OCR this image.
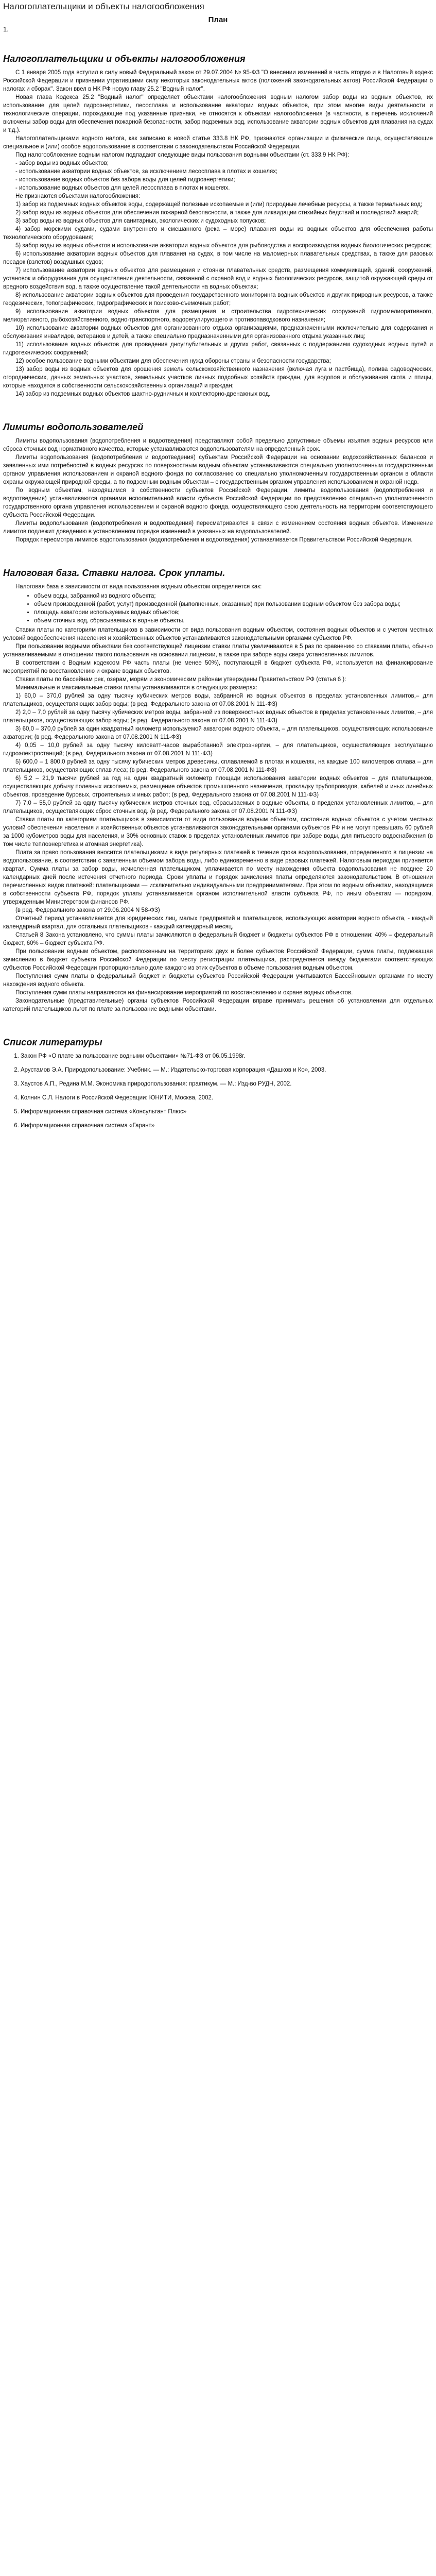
Налогоплательщики и объекты налогообложения
План
1.
Налогоплательщики и объекты налогообложения

С 1 января 2005 года вступил в силу новый Федеральный закон от 29.07.2004 № 95-ФЗ "О внесении изменений в часть вторую и в Налоговый кодекс Российской Федерации и признании утратившими силу некоторых законодательных актов (положений законодательных актов) Российской Федерации о налогах и сборах". Закон ввел в НК РФ новую главу 25.2 "Водный налог".

Новая глава Кодекса 25.2 "Водный налог" определяет объектами налогообложения водным налогом забор воды из водных объектов, их использование для целей гидроэнергетики, лесосплава и использование акватории водных объектов, при этом многие виды деятельности и технологические операции, порождающие под указанные признаки, не относятся к объектам налогообложения (в частности, в перечень исключений включены забор воды для обеспечения пожарной безопасности, забор подземных вод, использование акватории водных объектов для плавания на судах и т.д.).

Налогоплательщиками водного налога, как записано в новой статье 333.8 НК РФ, признаются организации и физические лица, осуществляющие специальное и (или) особое водопользование в соответствии с законодательством Российской Федерации.

Под налогообложение водным налогом подпадают следующие виды пользования водными объектами (ст. 333.9 НК РФ):

- забор воды из водных объектов;

- использование акватории водных объектов, за исключением лесосплава в плотах и кошелях;

- использование водных объектов без забора воды для целей гидроэнергетики;

- использование водных объектов для целей лесосплава в плотах и кошелях.

Не признаются объектами налогообложения:

1) забор из подземных водных объектов воды, содержащей полезные ископаемые и (или) природные лечебные ресурсы, а также термальных вод;

2) забор воды из водных объектов для обеспечения пожарной безопасности, а также для ликвидации стихийных бедствий и последствий аварий;

3) забор воды из водных объектов для санитарных, экологических и судоходных попусков;

4) забор морскими судами, судами внутреннего и смешанного (река – море) плавания воды из водных объектов для обеспечения работы технологического оборудования;

5) забор воды из водных объектов и использование акватории водных объектов для рыбоводства и воспроизводства водных биологических ресурсов;

6) использование акватории водных объектов для плавания на судах, в том числе на маломерных плавательных средствах, а также для разовых посадок (взлетов) воздушных судов;

7) использование акватории водных объектов для размещения и стоянки плавательных средств, размещения коммуникаций, зданий, сооружений, установок и оборудования для осуществления деятельности, связанной с охраной вод и водных биологических ресурсов, защитой окружающей среды от вредного воздействия вод, а также осуществление такой деятельности на водных объектах;

8) использование акватории водных объектов для проведения государственного мониторинга водных объектов и других природных ресурсов, а также геодезических, топографических, гидрографических и поисково-съемочных работ;

9) использование акватории водных объектов для размещения и строительства гидротехнических сооружений гидромелиоративного, мелиоративного, рыбохозяйственного, водно-транспортного, водорегулирующего и противопаводкового назначения;

10) использование акватории водных объектов для организованного отдыха организациями, предназначенными исключительно для содержания и обслуживания инвалидов, ветеранов и детей, а также специально предназначенными для организованного отдыха указанных лиц;

11) использование водных объектов для проведения дноуглубительных и других работ, связанных с поддержанием судоходных водных путей и гидротехнических сооружений;

12) особое пользование водными объектами для обеспечения нужд обороны страны и безопасности государства;

13) забор воды из водных объектов для орошения земель сельскохозяйственного назначения (включая луга и пастбища), полива садоводческих, огороднических, дачных земельных участков, земельных участков личных подсобных хозяйств граждан, для водопоя и обслуживания скота и птицы, которые находятся в собственности сельскохозяйственных организаций и граждан;

14) забор из подземных водных объектов шахтно-рудничных и коллекторно-дренажных вод.

Лимиты водопользователей

Лимиты водопользования (водопотребления и водоотведения) представляют собой предельно допустимые объемы изъятия водных ресурсов или сброса сточных вод нормативного качества, которые устанавливаются водопользователям на определенный срок.

Лимиты водопользования (водопотребления и водоотведения) субъектам Российской Федерации на основании водохозяйственных балансов и заявленных ими потребностей в водных ресурсах по поверхностным водным объектам устанавливаются специально уполномоченным государственным органом управления использованием и охраной водного фонда по согласованию со специально уполномоченным государственным органом в области охраны окружающей природной среды, а по подземным водным объектам – с государственным органом управления использованием и охраной недр.

По водным объектам, находящимся в собственности субъектов Российской Федерации, лимиты водопользования (водопотребления и водоотведения) устанавливаются органами исполнительной власти субъекта Российской Федерации по представлению специально уполномоченного государственного органа управления использованием и охраной водного фонда, осуществляющего свою деятельность на территории соответствующего субъекта Российской Федерации.

Лимиты водопользования (водопотребления и водоотведения) пересматриваются в связи с изменением состояния водных объектов. Изменение лимитов подлежит доведению в установленном порядке изменений в указанных на водопользователей.

Порядок пересмотра лимитов водопользования (водопотребления и водоотведения) устанавливается Правительством Российской Федерации.

Налоговая база. Ставки налога. Срок уплаты.

Налоговая база в зависимости от вида пользования водным объектом определяется как:

• объем воды, забранной из водного объекта;
• объем произведенной (работ, услуг) произведенной (выполненных, оказанных) при пользовании водным объектом без забора воды;
• площадь акватории используемых водных объектов;
• объем сточных вод, сбрасываемых в водные объекты.

Ставки платы по категориям плательщиков в зависимости от вида пользования водным объектом, состояния водных объектов и с учетом местных условий водообеспечения населения и хозяйственных объектов устанавливаются законодательными органами субъектов РФ.

При пользовании водными объектами без соответствующей лицензии ставки платы увеличиваются в 5 раз по сравнению со ставками платы, обычно устанавливаемыми в отношении такого пользования на основании лицензии, а также при заборе воды сверх установленных лимитов.

В соответствии с Водным кодексом РФ часть платы (не менее 50%), поступающей в бюджет субъекта РФ, используется на финансирование мероприятий по восстановлению и охране водных объектов.

Ставки платы по бассейнам рек, озерам, морям и экономическим районам утверждены Правительством РФ (статья 6 ):

Минимальные и максимальные ставки платы устанавливаются в следующих размерах:

1) 60,0 – 370,0 рублей за одну тысячу кубических метров воды, забранной из водных объектов в пределах установленных лимитов,– для плательщиков, осуществляющих забор воды; (в ред. Федерального закона от 07.08.2001 N 111-ФЗ)

2) 2,0 – 7,0 рублей за одну тысячу кубических метров воды, забранной из поверхностных водных объектов в пределах установленных лимитов, – для плательщиков, осуществляющих забор воды; (в ред. Федерального закона от 07.08.2001 N 111-ФЗ)

3) 60,0 – 370,0 рублей за один квадратный километр используемой акватории водного объекта, – для плательщиков, осуществляющих использование акватории; (в ред. Федерального закона от 07.08.2001 N 111-ФЗ)

4) 0,05 – 10,0 рублей за одну тысячу киловатт-часов выработанной электроэнергии, – для плательщиков, осуществляющих эксплуатацию гидроэлектростанций; (в ред. Федерального закона от 07.08.2001 N 111-ФЗ)

5) 600,0 – 1 800,0 рублей за одну тысячу кубических метров древесины, сплавляемой в плотах и кошелях, на каждые 100 километров сплава – для плательщиков, осуществляющих сплав леса; (в ред. Федерального закона от 07.08.2001 N 111-ФЗ)

6) 5,2 – 21,9 тысячи рублей за год на один квадратный километр площади использования акватории водных объектов – для плательщиков, осуществляющих добычу полезных ископаемых, размещение объектов промышленного назначения, прокладку трубопроводов, кабелей и иных линейных объектов, проведение буровых, строительных и иных работ; (в ред. Федерального закона от 07.08.2001 N 111-ФЗ)

7) 7,0 – 55,0 рублей за одну тысячу кубических метров сточных вод, сбрасываемых в водные объекты, в пределах установленных лимитов, – для плательщиков, осуществляющих сброс сточных вод. (в ред. Федерального закона от 07.08.2001 N 111-ФЗ)

Ставки платы по категориям плательщиков в зависимости от вида пользования водным объектом, состояния водных объектов с учетом местных условий обеспечения населения и хозяйственных объектов устанавливаются законодательными органами субъектов РФ и не могут превышать 60 рублей за 1000 кубометров воды для населения, и 30% основных ставок в пределах установленных лимитов при заборе воды, для питьевого водоснабжения (в том числе теплоэнергетика и атомная энергетика).

Плата за право пользования вносится плательщиками в виде регулярных платежей в течение срока водопользования, определенного в лицензии на водопользование, в соответствии с заявленным объемом забора воды, либо единовременно в виде разовых платежей. Налоговым периодом признается квартал. Сумма платы за забор воды, исчисленная плательщиком, уплачивается по месту нахождения объекта водопользования не позднее 20 календарных дней после истечения отчетного периода. Сроки уплаты и порядок зачисления платы определяются законодательством. В отношении перечисленных видов платежей: плательщиками — исключительно индивидуальными предпринимателями. При этом по водным объектам, находящимся в собственности субъекта РФ, порядок уплаты устанавливается органом исполнительной власти субъекта РФ, по иным объектам — порядком, утвержденным Министерством финансов РФ.

(в ред. Федерального закона от 29.06.2004 N 58-ФЗ)

Отчетный период устанавливается для юридических лиц, малых предприятий и плательщиков, использующих акватории водного объекта, - каждый календарный квартал, для остальных плательщиков - каждый календарный месяц.

Статьей 8 Закона установлено, что суммы платы зачисляются в федеральный бюджет и бюджеты субъектов РФ в отношении: 40% – федеральный бюджет, 60% – бюджет субъекта РФ.

При пользовании водным объектом, расположенным на территориях двух и более субъектов Российской Федерации, сумма платы, подлежащая зачислению в бюджет субъекта Российской Федерации по месту регистрации плательщика, распределяется между бюджетами соответствующих субъектов Российской Федерации пропорционально доле каждого из этих субъектов в объеме пользования водным объектом.

Поступления сумм платы в федеральный бюджет и бюджеты субъектов Российской Федерации учитываются Бассейновыми органами по месту нахождения водного объекта.

Поступления сумм платы направляются на финансирование мероприятий по восстановлению и охране водных объектов.

Законодательные (представительные) органы субъектов Российской Федерации вправе принимать решения об установлении для отдельных категорий плательщиков льгот по плате за пользование водными объектами.

Список литературы
1. Закон РФ «О плате за пользование водными объектами» №71-ФЗ от 06.05.1998г.
2. Арустамов Э.А. Природопользование: Учебник. — М.: Издательско-торговая корпорация «Дашков и Ко», 2003.
3. Хаустов А.П., Редина М.М. Экономика природопользования: практикум. — М.: Изд-во РУДН, 2002.
4. Колнин С.Л. Налоги в Российской Федерации: ЮНИТИ, Москва, 2002.
5. Информационная справочная система «Консультант Плюс»
6. Информационная справочная система «Гарант»
